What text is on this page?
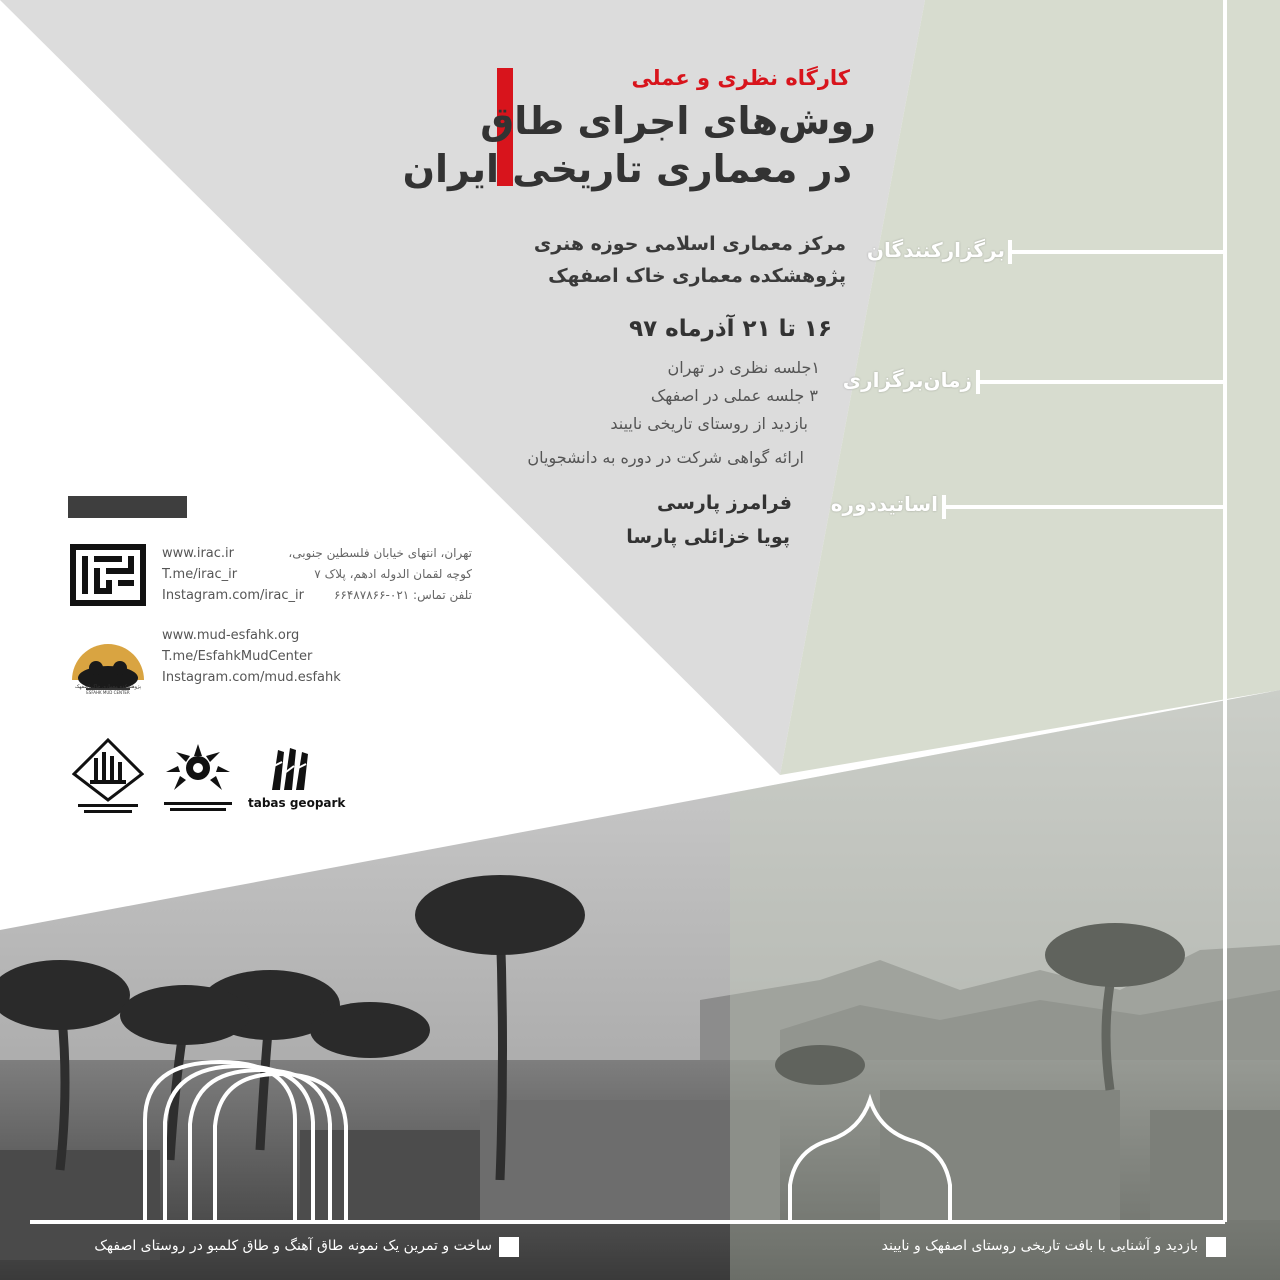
کارگاه نظری و عملی
روش‌های اجرای طاق
در معماری تاریخی ایران
برگزارکنندگان
زمان‌برگزاری
اساتیددوره
مرکز معماری اسلامی حوزه هنری
پژوهشکده معماری خاک اصفهک
۱۶ تا ۲۱ آذرماه ۹۷
۱جلسه نظری در تهران
۳ جلسه عملی در اصفهک
بازدید از روستای تاریخی ناییند
ارائه گواهی شرکت در دوره به دانشجویان
فرامرز پارسی
پویا خزائلی پارسا
www.irac.ir
T.me/irac_ir
Instagram.com/irac_ir
تهران، انتهای خیابان فلسطین جنوبی،
کوچه لقمان الدوله ادهم، پلاک ۷
تلفن تماس: ۰۲۱-۶۶۴۸۷۸۶۶
پژوهشکده معماری خاک اصفهک
ESFAHK MUD CENTER
www.mud-esfahk.org
T.me/EsfahkMudCenter
Instagram.com/mud.esfahk
tabas geopark
بازدید و آشنایی با بافت تاریخی روستای اصفهک و ناییند
ساخت و تمرین یک نمونه طاق آهنگ و طاق کلمبو در روستای اصفهک
